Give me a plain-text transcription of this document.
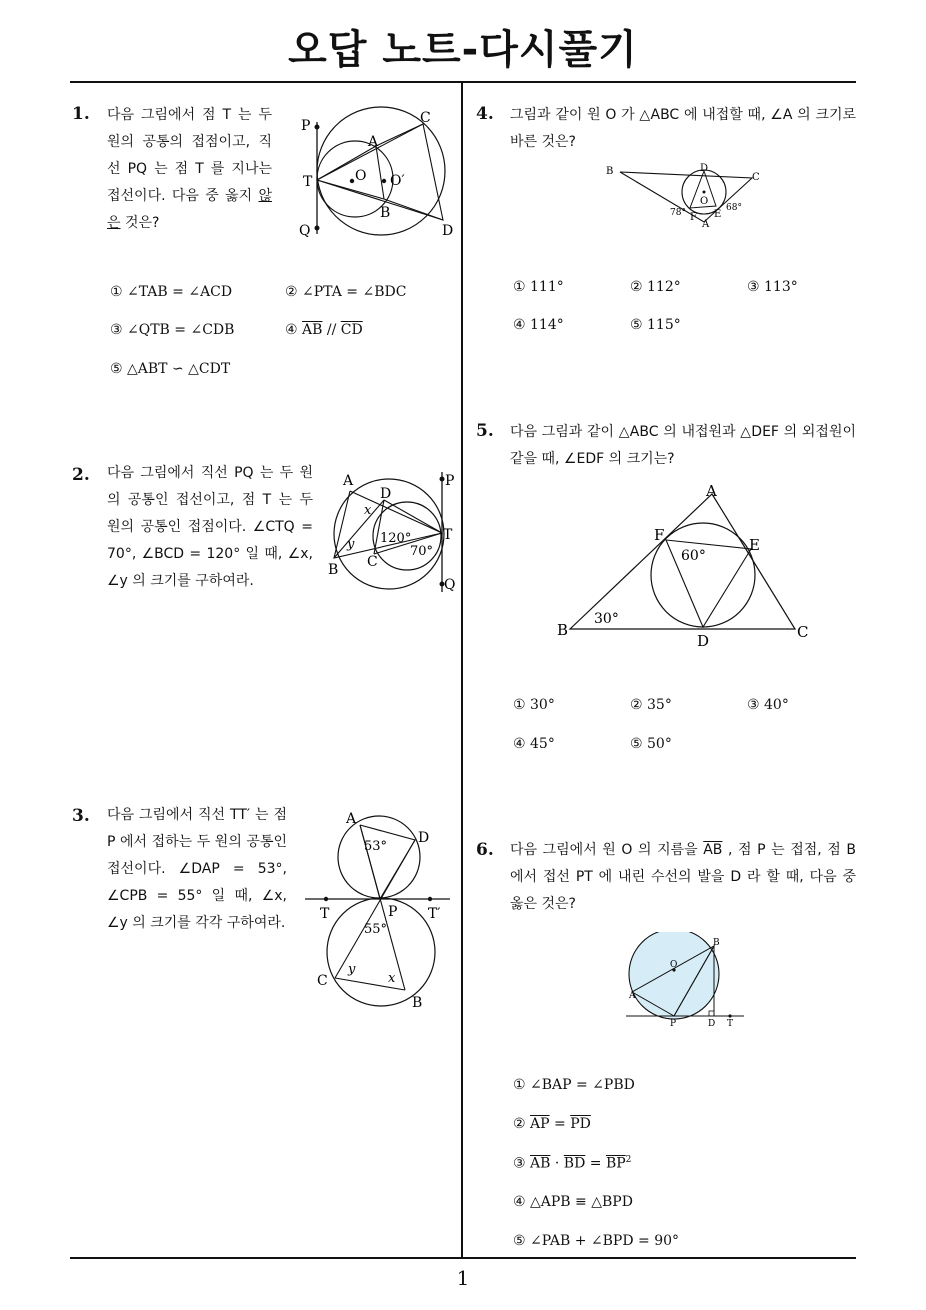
오답 노트-다시풀기
1
1. 다음 그림에서 점 T 는 두 원의 공통의 접점이고, 직선 PQ 는 점 T 를 지나는 접선이다. 다음 중 옳지 않은 것은?
P
T
Q
A
B
C
D
O O′
① ∠TAB = ∠ACD	② ∠PTA = ∠BDC
③ ∠QTB = ∠CDB	④ $\overline{AB} // \overline{CD}$
⑤ △ABT ∽ △CDT
2. 다음 그림에서 직선 PQ 는 두 원의 공통인 접선이고, 점 T 는 두 원의 공통인 접점이다. ∠CTQ = 70°, ∠BCD = 120° 일 때, ∠x, ∠y 의 크기를 구하여라.
A
D
P
T
Q
B C
x
y 120°
70°
3. 다음 그림에서 직선 TT′ 는 점 P 에서 접하는 두 원의 공통인 접선이다. ∠DAP = 53°, ∠CPB = 55° 일 때, ∠x, ∠y 의 크기를 각각 구하여라.
A
D
T	P T′
C
B
53°
55°
y
x
4. 그림과 같이 원 O 가 △ABC 에 내접할 때, ∠A 의 크기로 바른 것은?
B
C
D
O
F
A
E
78°	68°
① 111°	② 112°	③ 113°
④ 114°	⑤ 115°
5. 다음 그림과 같이 △ABC 의 내접원과 △DEF 의 외접원이 같을 때, ∠EDF 의 크기는?
A
B	C
D
E
F
30°
60°
① 30°	② 35°	③ 40°
④ 45°	⑤ 50°
6. 다음 그림에서 원 O 의 지름을 $\overline{AB}$ , 점 P 는 접점, 점 B 에서 접선 PT 에 내린 수선의 발을 D 라 할 때, 다음 중 옳은 것은?
O
B
A
P	D T
① ∠BAP = ∠PBD
② $\overline{AP} = \overline{PD}$
③ $\overline{AB} \cdot \overline{BD} = \overline{BP}^2$
④ △APB ≡ △BPD
⑤ ∠PAB + ∠BPD = 90°
